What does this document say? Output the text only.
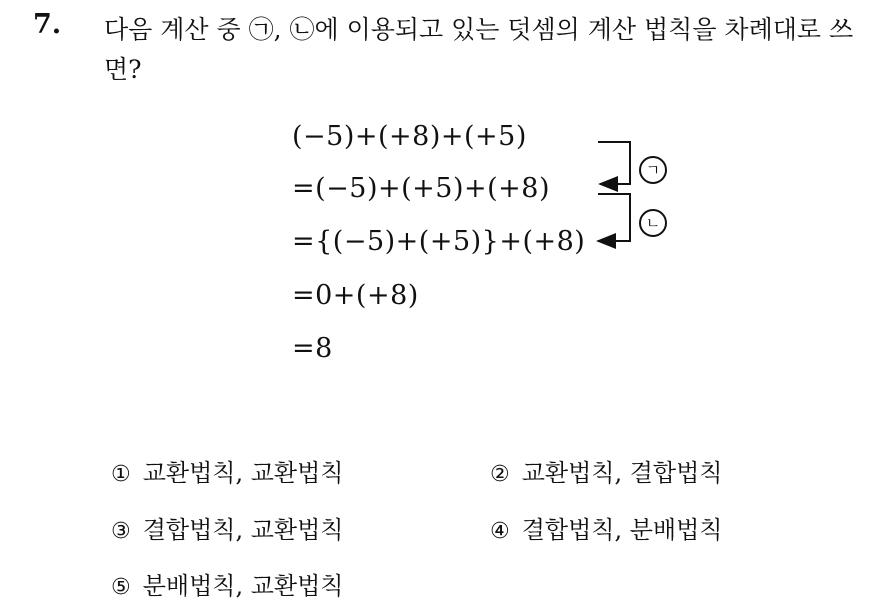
7. 다음 계산 중 ㉠, ㉡에 이용되고 있는 덧셈의 계산 법칙을 차례대로 쓰면?
(−5)+(+8)+(+5)
=(−5)+(+5)+(+8)
={(−5)+(+5)}+(+8)
=0+(+8)
=8
ㄱ
ㄴ
① 교환법칙, 교환법칙	② 교환법칙, 결합법칙
③ 결합법칙, 교환법칙	④ 결합법칙, 분배법칙
⑤ 분배법칙, 교환법칙
